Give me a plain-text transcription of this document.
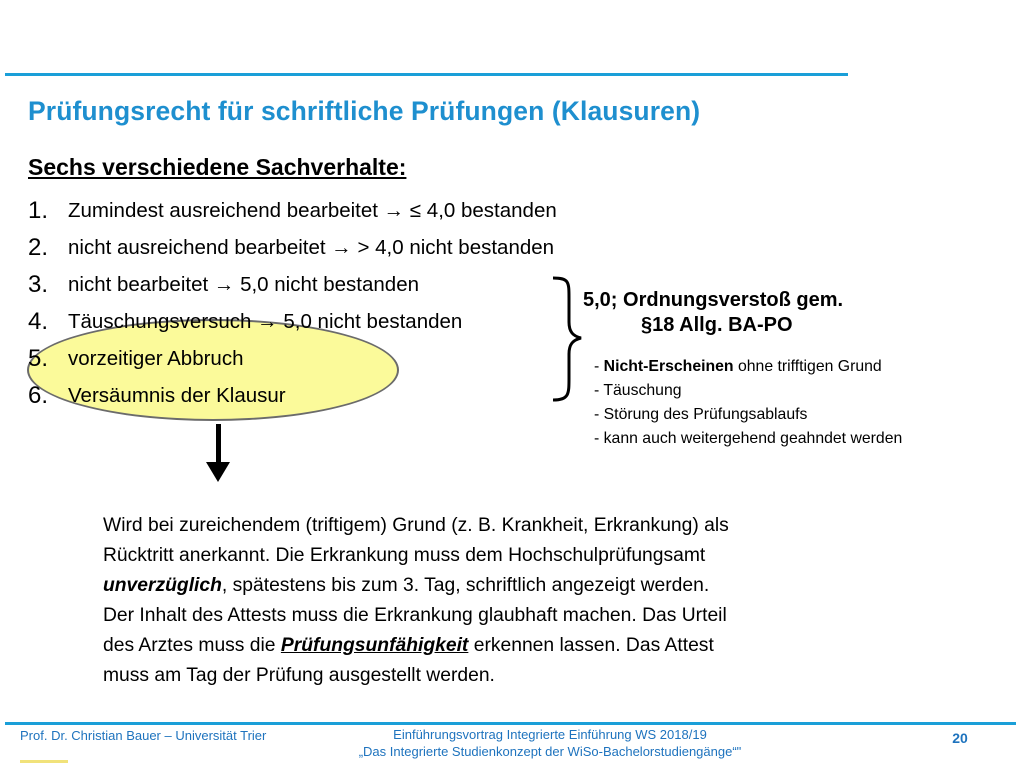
Prüfungsrecht für schriftliche Prüfungen (Klausuren)
Sechs verschiedene Sachverhalte:
1. Zumindest ausreichend bearbeitet → ≤ 4,0 bestanden
2. nicht ausreichend bearbeitet → > 4,0 nicht bestanden
3. nicht bearbeitet → 5,0 nicht bestanden
4. Täuschungsversuch → 5,0 nicht bestanden
5. vorzeitiger Abbruch
6. Versäumnis der Klausur
5,0; Ordnungsverstoß gem.
§18 Allg. BA-PO
- Nicht-Erscheinen ohne trifftigen Grund
- Täuschung
- Störung des Prüfungsablaufs
- kann auch weitergehend geahndet werden
Wird bei zureichendem (triftigem) Grund (z. B. Krankheit, Erkrankung) als
Rücktritt anerkannt. Die Erkrankung muss dem Hochschulprüfungsamt
unverzüglich, spätestens bis zum 3. Tag, schriftlich angezeigt werden.
Der Inhalt des Attests muss die Erkrankung glaubhaft machen. Das Urteil
des Arztes muss die Prüfungsunfähigkeit erkennen lassen. Das Attest
muss am Tag der Prüfung ausgestellt werden.
Prof. Dr. Christian Bauer – Universität Trier	Einführungsvortrag Integrierte Einführung WS 2018/19
„Das Integrierte Studienkonzept der WiSo-Bachelorstudiengänge“"
20
